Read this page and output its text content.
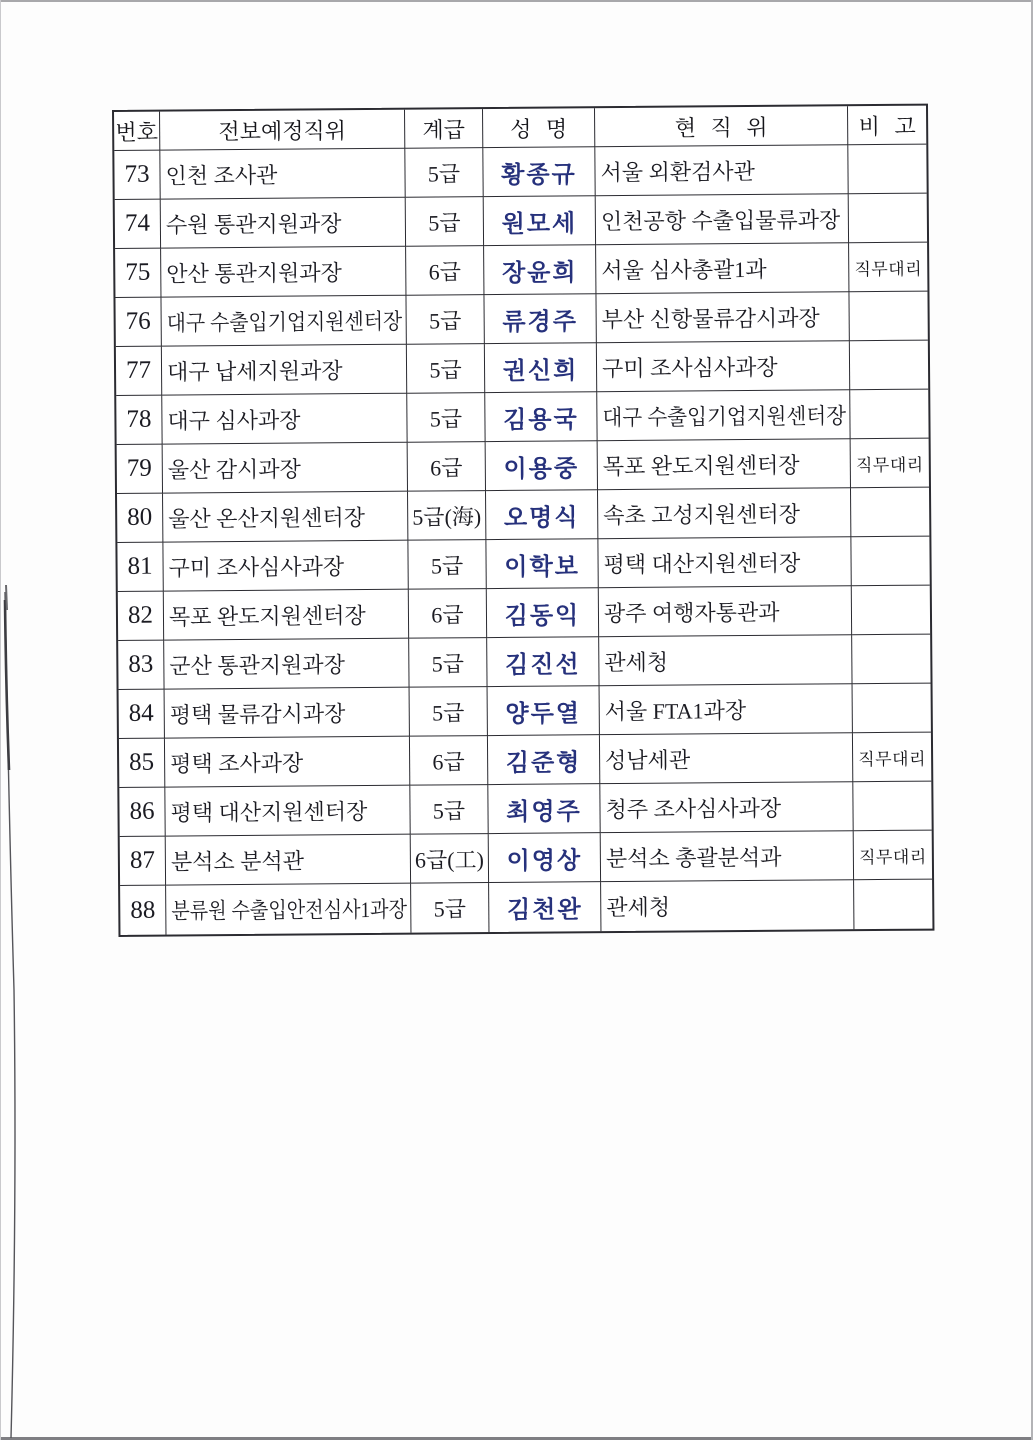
번호	전보예정직위	계급 성 명	현 직 위	비 고
73 인천 조사관	5급 황종규 서울 외환검사관
74 수원 통관지원과장	5급 원모세 인천공항 수출입물류과장
75 안산 통관지원과장	6급 장윤희 서울 심사총괄1과	직무대리
76 대구 수출입기업지원센터장 5급 류경주 부산 신항물류감시과장
77 대구 납세지원과장	5급 권신희 구미 조사심사과장
78 대구 심사과장	5급 김용국 대구 수출입기업지원센터장
79 울산 감시과장	6급 이용중 목포 완도지원센터장	직무대리
80 울산 온산지원센터장 5급(海) 오명식 속초 고성지원센터장
81 구미 조사심사과장	5급 이학보 평택 대산지원센터장
82 목포 완도지원센터장	6급 김동익 광주 여행자통관과
83 군산 통관지원과장	5급 김진선 관세청
84 평택 물류감시과장	5급 양두열 서울 FTA1과장
85 평택 조사과장	6급 김준형 성남세관	직무대리
86 평택 대산지원센터장	5급 최영주 청주 조사심사과장
87 분석소 분석관	6급(工) 이영상 분석소 총괄분석과	직무대리
88 분류원 수출입안전심사1과장 5급 김천완 관세청
